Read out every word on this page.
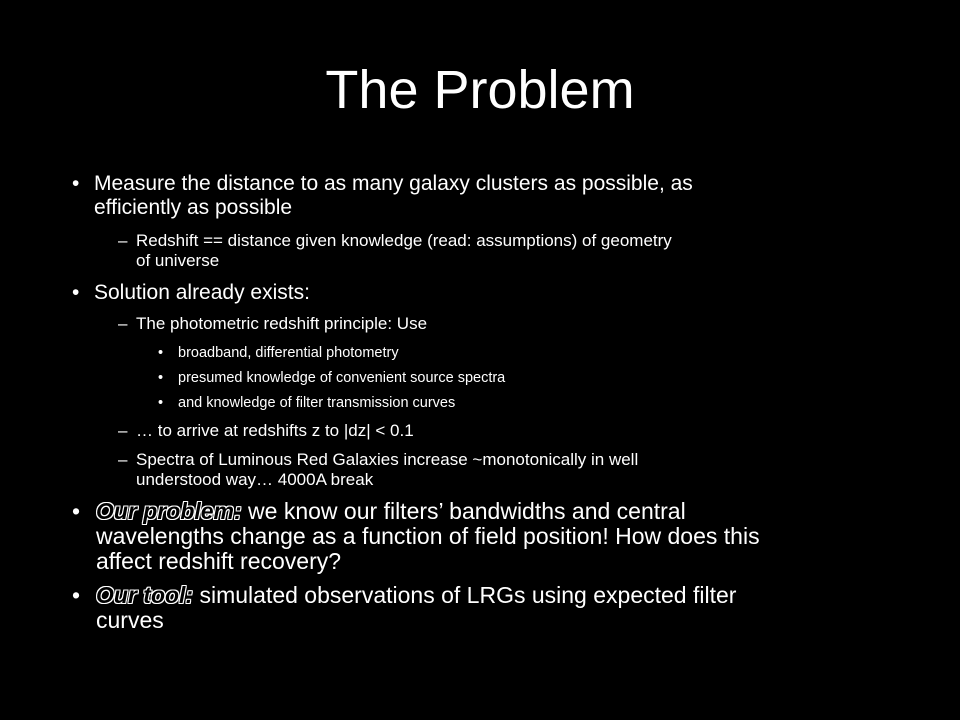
The Problem
• Measure the distance to as many galaxy clusters as possible, as
efficiently as possible
– Redshift == distance given knowledge (read: assumptions) of geometry
of universe
• Solution already exists:
– The photometric redshift principle: Use
• broadband, differential photometry
• presumed knowledge of convenient source spectra
• and knowledge of filter transmission curves
– … to arrive at redshifts z to |dz| < 0.1
– Spectra of Luminous Red Galaxies increase ~monotonically in well
understood way… 4000A break
• Our problem: we know our filters’ bandwidths and central
wavelengths change as a function of field position! How does this
affect redshift recovery?
• Our tool: simulated observations of LRGs using expected filter
curves
